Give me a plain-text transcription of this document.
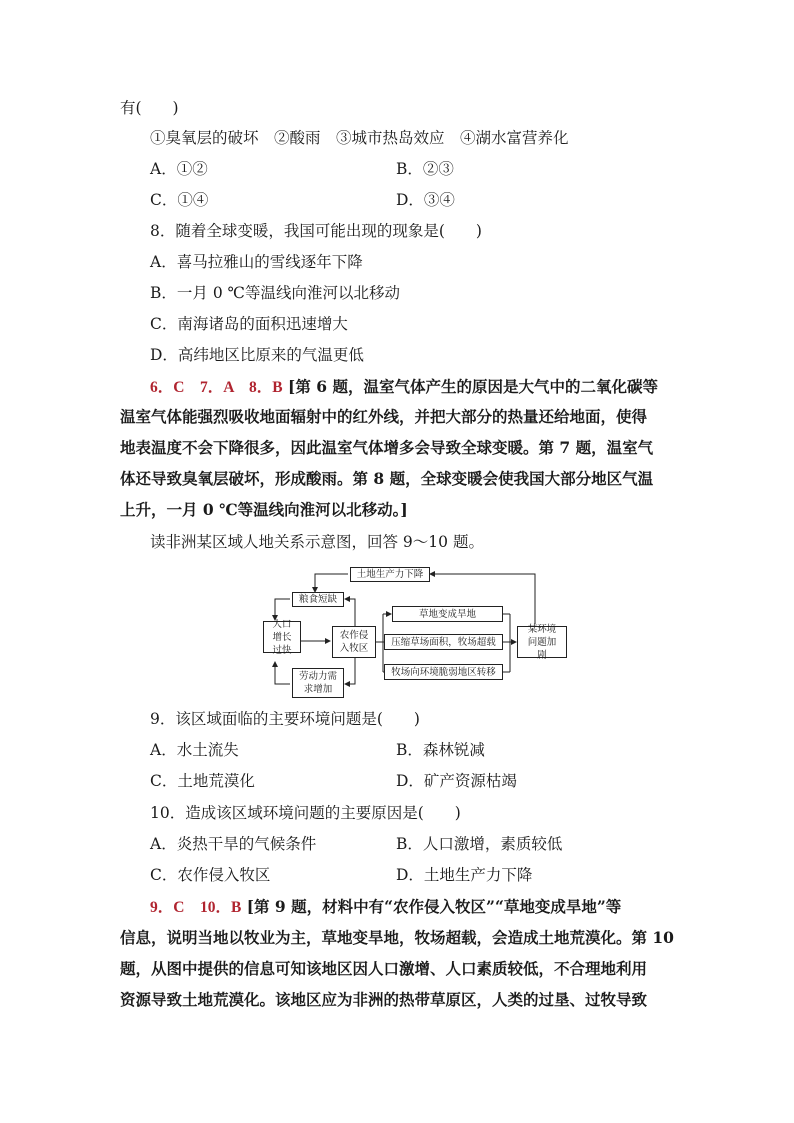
有(　　)
①臭氧层的破坏　②酸雨　③城市热岛效应　④湖水富营养化
A．①②	B．②③
C．①④	D．③④
8．随着全球变暖，我国可能出现的现象是(　　)
A．喜马拉雅山的雪线逐年下降
B．一月 0 ℃等温线向淮河以北移动
C．南海诸岛的面积迅速增大
D．高纬地区比原来的气温更低
6．C　7．A　8．B [第 6 题，温室气体产生的原因是大气中的二氧化碳等
温室气体能强烈吸收地面辐射中的红外线，并把大部分的热量还给地面，使得
地表温度不会下降很多，因此温室气体增多会导致全球变暖。第 7 题，温室气
体还导致臭氧层破坏，形成酸雨。第 8 题，全球变暖会使我国大部分地区气温
上升，一月 0 ℃等温线向淮河以北移动。]
读非洲某区域人地关系示意图，回答 9～10 题。
土地生产力下降
粮食短缺
人口增长过快
农作侵入牧区
劳动力需求增加
草地变成旱地
压缩草场面积，牧场超载
牧场向环境脆弱地区转移
某环境问题加剧
9．该区域面临的主要环境问题是(　　)
A．水土流失	B．森林锐减
C．土地荒漠化	D．矿产资源枯竭
10．造成该区域环境问题的主要原因是(　　)
A．炎热干旱的气候条件	B．人口激增，素质较低
C．农作侵入牧区	D．土地生产力下降
9．C　10．B [第 9 题，材料中有“农作侵入牧区”“草地变成旱地”等
信息，说明当地以牧业为主，草地变旱地，牧场超载，会造成土地荒漠化。第 10
题，从图中提供的信息可知该地区因人口激增、人口素质较低，不合理地利用
资源导致土地荒漠化。该地区应为非洲的热带草原区，人类的过垦、过牧导致
